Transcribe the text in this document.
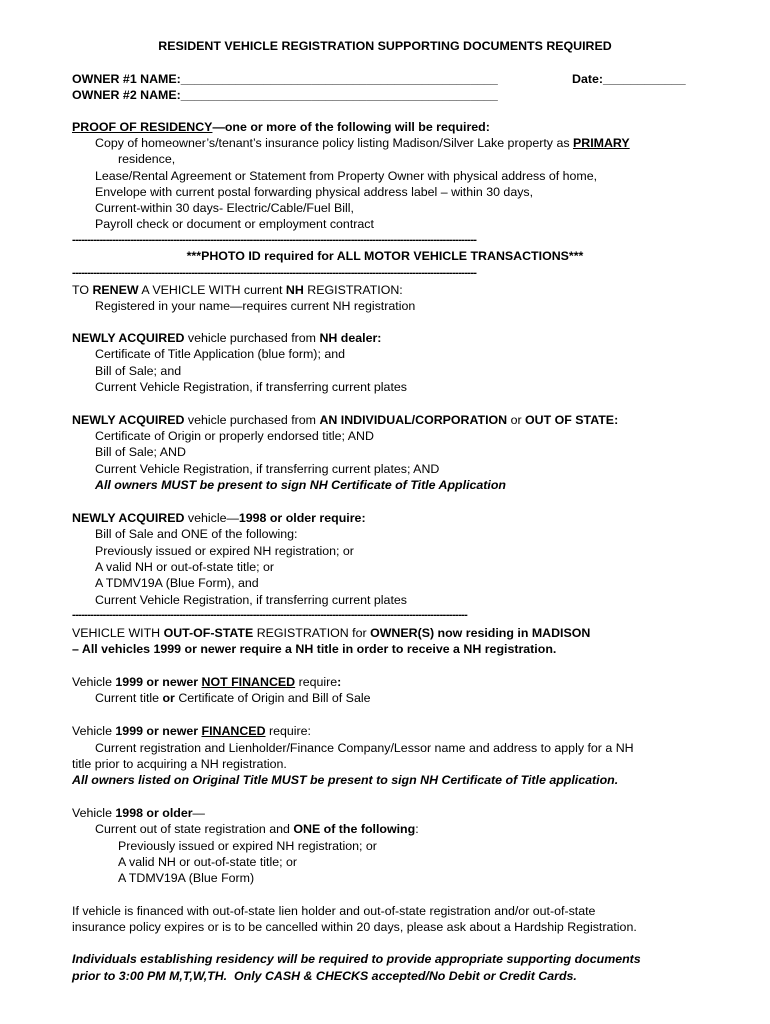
RESIDENT VEHICLE REGISTRATION SUPPORTING DOCUMENTS REQUIRED
OWNER #1 NAME:______________________________________________	Date:____________
OWNER #2 NAME:______________________________________________
PROOF OF RESIDENCY—one or more of the following will be required:
Copy of homeowner’s/tenant’s insurance policy listing Madison/Silver Lake property as PRIMARY
residence,
Lease/Rental Agreement or Statement from Property Owner with physical address of home,
Envelope with current postal forwarding physical address label – within 30 days,
Current-within 30 days- Electric/Cable/Fuel Bill,
Payroll check or document or employment contract
------------------------------------------------------------------------------------------------------------------------------------
***PHOTO ID required for ALL MOTOR VEHICLE TRANSACTIONS***
------------------------------------------------------------------------------------------------------------------------------------
TO RENEW A VEHICLE WITH current NH REGISTRATION:
Registered in your name—requires current NH registration
NEWLY ACQUIRED vehicle purchased from NH dealer:
Certificate of Title Application (blue form); and
Bill of Sale; and
Current Vehicle Registration, if transferring current plates
NEWLY ACQUIRED vehicle purchased from AN INDIVIDUAL/CORPORATION or OUT OF STATE:
Certificate of Origin or properly endorsed title; AND
Bill of Sale; AND
Current Vehicle Registration, if transferring current plates; AND
All owners MUST be present to sign NH Certificate of Title Application
NEWLY ACQUIRED vehicle—1998 or older require:
Bill of Sale and ONE of the following:
Previously issued or expired NH registration; or
A valid NH or out-of-state title; or
A TDMV19A (Blue Form), and
Current Vehicle Registration, if transferring current plates
---------------------------------------------------------------------------------------------------------------------------------
VEHICLE WITH OUT-OF-STATE REGISTRATION for OWNER(S) now residing in MADISON
– All vehicles 1999 or newer require a NH title in order to receive a NH registration.
Vehicle 1999 or newer NOT FINANCED require:
Current title or Certificate of Origin and Bill of Sale
Vehicle 1999 or newer FINANCED require:
Current registration and Lienholder/Finance Company/Lessor name and address to apply for a NH
title prior to acquiring a NH registration.
All owners listed on Original Title MUST be present to sign NH Certificate of Title application.
Vehicle 1998 or older—
Current out of state registration and ONE of the following:
Previously issued or expired NH registration; or
A valid NH or out-of-state title; or
A TDMV19A (Blue Form)
If vehicle is financed with out-of-state lien holder and out-of-state registration and/or out-of-state
insurance policy expires or is to be cancelled within 20 days, please ask about a Hardship Registration.
Individuals establishing residency will be required to provide appropriate supporting documents
prior to 3:00 PM M,T,W,TH.  Only CASH & CHECKS accepted/No Debit or Credit Cards.
